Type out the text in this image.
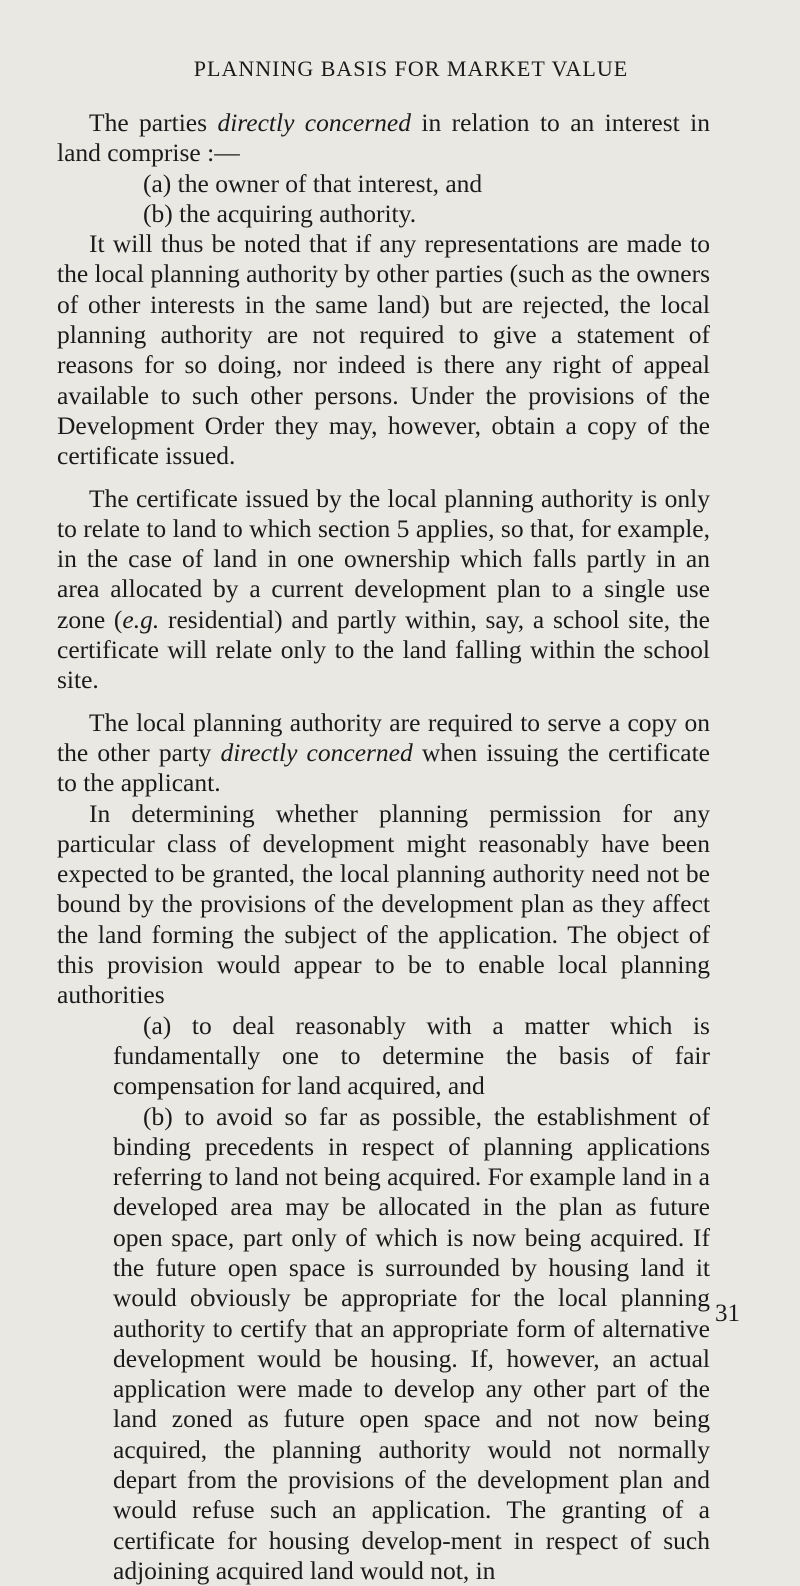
PLANNING BASIS FOR MARKET VALUE

The parties directly concerned in relation to an interest in land comprise :—

(a) the owner of that interest, and

(b) the acquiring authority.

It will thus be noted that if any representations are made to the local planning authority by other parties (such as the owners of other interests in the same land) but are rejected, the local planning authority are not required to give a statement of reasons for so doing, nor indeed is there any right of appeal available to such other persons. Under the provisions of the Development Order they may, however, obtain a copy of the certificate issued.

The certificate issued by the local planning authority is only to relate to land to which section 5 applies, so that, for example, in the case of land in one ownership which falls partly in an area allocated by a current development plan to a single use zone (e.g. residential) and partly within, say, a school site, the certificate will relate only to the land falling within the school site.

The local planning authority are required to serve a copy on the other party directly concerned when issuing the certificate to the applicant.

In determining whether planning permission for any particular class of development might reasonably have been expected to be granted, the local planning authority need not be bound by the provisions of the development plan as they affect the land forming the subject of the application. The object of this provision would appear to be to enable local planning authorities

(a) to deal reasonably with a matter which is fundamentally one to determine the basis of fair compensation for land acquired, and

(b) to avoid so far as possible, the establishment of binding precedents in respect of planning applications referring to land not being acquired. For example land in a developed area may be allocated in the plan as future open space, part only of which is now being acquired. If the future open space is surrounded by housing land it would obviously be appropriate for the local planning authority to certify that an appropriate form of alternative development would be housing. If, however, an actual application were made to develop any other part of the land zoned as future open space and not now being acquired, the planning authority would not normally depart from the provisions of the development plan and would refuse such an application. The granting of a certificate for housing develop-ment in respect of such adjoining acquired land would not, in

31
